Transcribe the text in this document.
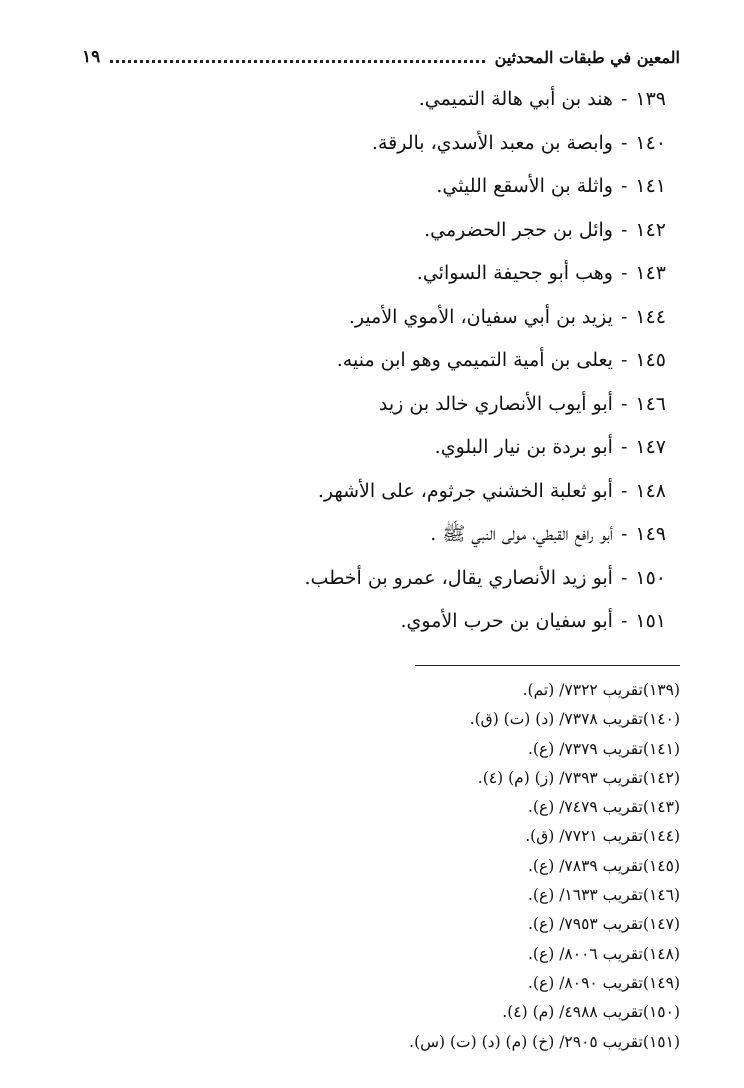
المعين في طبقات المحدثين
١٩
١٣٩-هند بن أبي هالة التميمي.
١٤٠-وابصة بن معبد الأسدي، بالرقة.
١٤١-واثلة بن الأسقع الليثي.
١٤٢-وائل بن حجر الحضرمي.
١٤٣-وهب أبو جحيفة السوائي.
١٤٤-يزيد بن أبي سفيان، الأموي الأمير.
١٤٥-يعلى بن أمية التميمي وهو ابن منيه.
١٤٦-أبو أيوب الأنصاري خالد بن زيد
١٤٧-أبو بردة بن نيار البلوي.
١٤٨-أبو ثعلبة الخشني جرثوم، على الأشهر.
١٤٩-أبو رافع القبطي، مولى النبي ﷺ .
١٥٠-أبو زيد الأنصاري يقال، عمرو بن أخطب.
١٥١-أبو سفيان بن حرب الأموي.
(١٣٩)تقريب ٧٣٢٢/ (تم).
(١٤٠)تقريب ٧٣٧٨/ (د) (ت) (ق).
(١٤١)تقريب ٧٣٧٩/ (ع).
(١٤٢)تقريب ٧٣٩٣/ (ز) (م) (٤).
(١٤٣)تقريب ٧٤٧٩/ (ع).
(١٤٤)تقريب ٧٧٢١/ (ق).
(١٤٥)تقريب ٧٨٣٩/ (ع).
(١٤٦)تقريب ١٦٣٣/ (ع).
(١٤٧)تقريب ٧٩٥٣/ (ع).
(١٤٨)تقريب ٨٠٠٦/ (ع).
(١٤٩)تقريب ٨٠٩٠/ (ع).
(١٥٠)تقريب ٤٩٨٨/ (م) (٤).
(١٥١)تقريب ٢٩٠٥/ (خ) (م) (د) (ت) (س).
